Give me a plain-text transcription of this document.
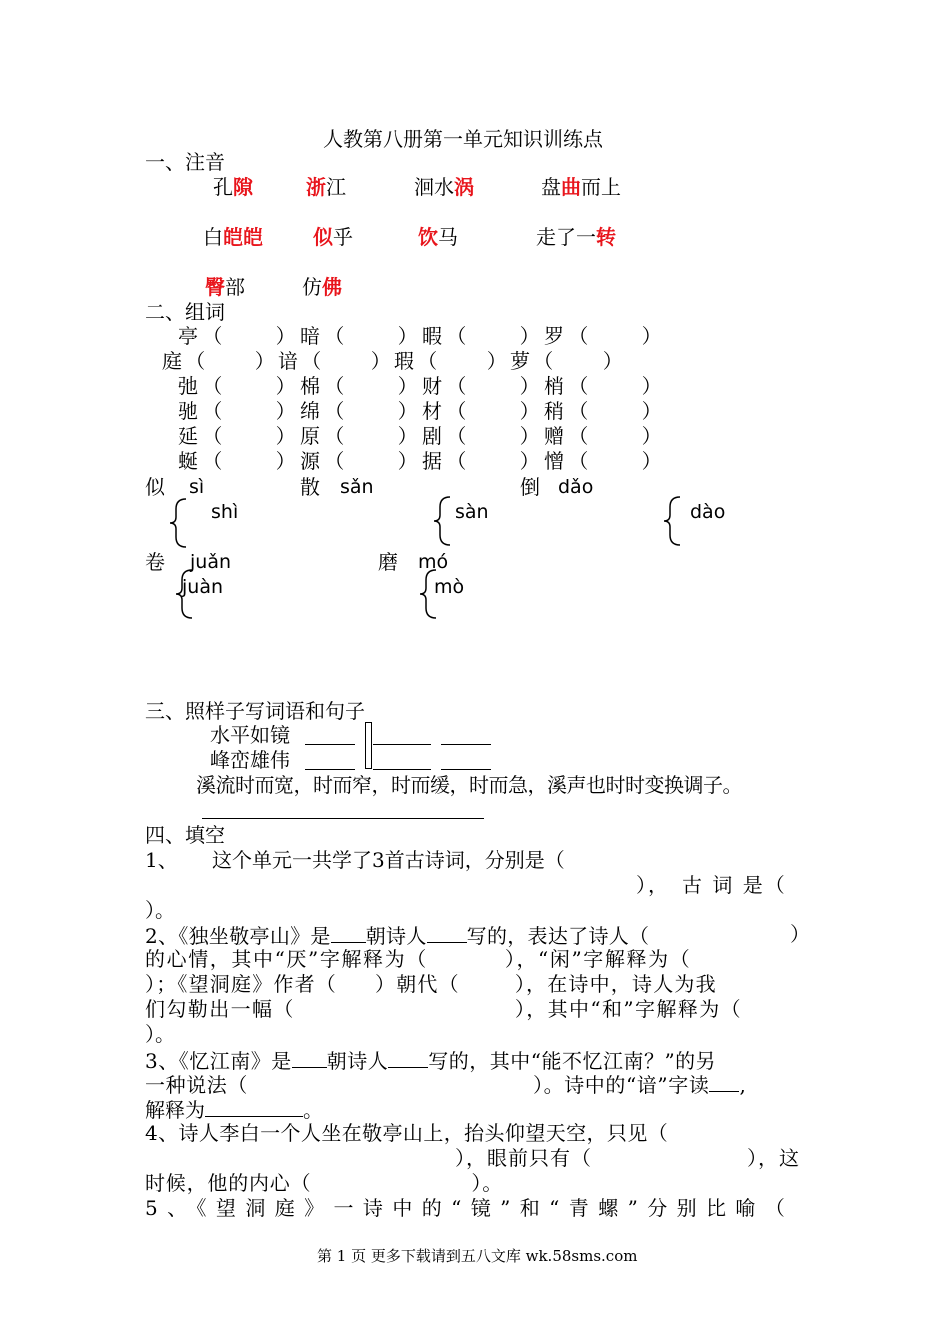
人教第八册第一单元知识训练点
一、注音
孔隙	浙江	洄水涡	盘曲而上
白皑皑	似乎	饮马	走了一转
臀部	仿佛
二、组词
亭（　　）暗（　　）暇（　　）罗（　　）
庭（　　）谙（　　）瑕（　　）萝（　　）
弛（　　）棉（　　）财（　　）梢（　　）
驰（　　）绵（　　）材（　　）稍（　　）
延（　　）原（　　）剧（　　）赠（　　）
蜒（　　）源（　　）据（　　）憎（　　）
似 sì	散 sǎn	倒 dǎo
shì	sàn	dào
卷 juǎn	磨 mó
juàn	mò
三、照样子写词语和句子
水平如镜
峰峦雄伟
溪流时而宽，时而窄，时而缓，时而急，溪声也时时变换调子。
四、填空
1、 这个单元一共学了3首古诗词，分别是（
），　古 词 是（
）。
2、《独坐敬亭山》是 朝诗人 写的，表达了诗人（	）
的心情，其中“厌”字解释为（	），“闲”字解释为（
）；《望洞庭》作者（ ）朝代（	），在诗中，诗人为我
们勾勒出一幅（	），其中“和”字解释为（
）。
3、《忆江南》是 朝诗人 写的，其中“能不忆江南？”的另
一种说法（	）。诗中的“谙”字读 ,
解释为	。
4、诗人李白一个人坐在敬亭山上，抬头仰望天空，只见（
），眼前只有（	），这
时候，他的内心（	）。
5、《望洞庭》一诗中的“镜”和“青螺”分别比喻（
第 1 页 更多下载请到五八文库 wk.58sms.com
